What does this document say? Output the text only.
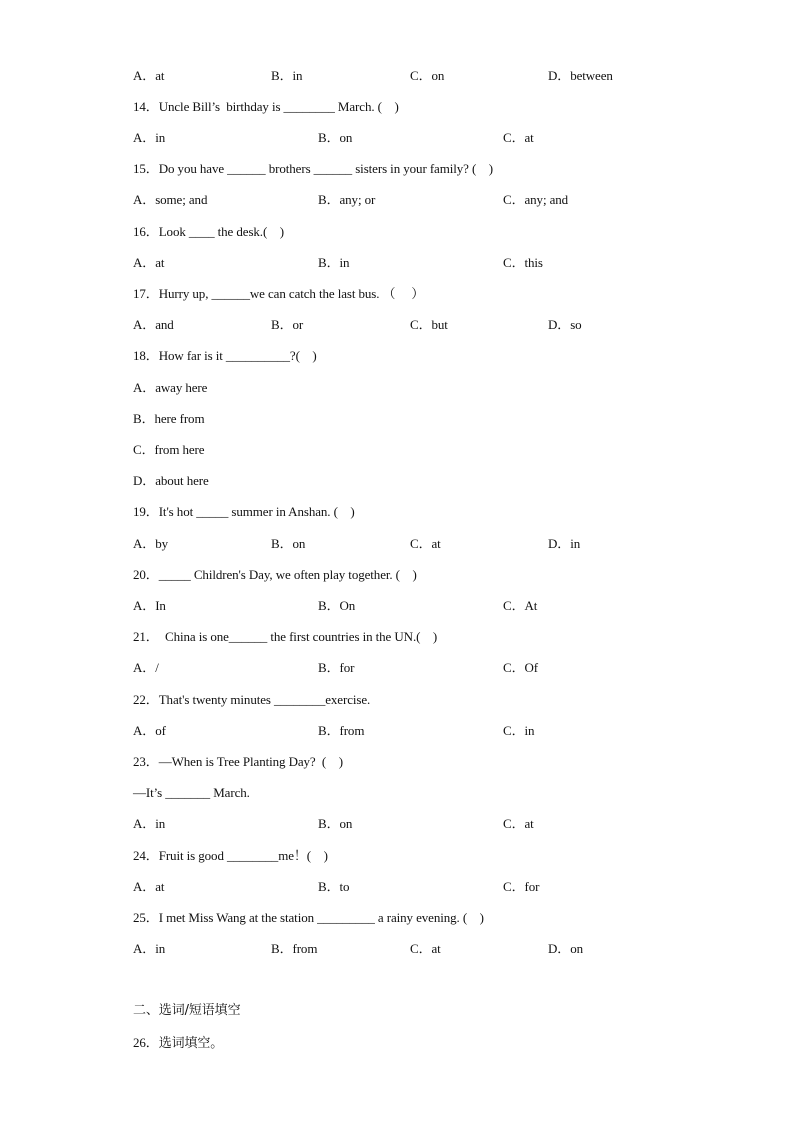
A．at	B．in	C．on	D．between
14．Uncle Bill’s  birthday is ________ March. (    )
A．in	B．on	C．at
15．Do you have ______ brothers ______ sisters in your family? (    )
A．some; and	B．any; or	C．any; and
16．Look ____ the desk.(    )
A．at	B．in	C．this
17．Hurry up, ______we can catch the last bus. （     ）
A．and	B．or	C．but	D．so
18．How far is it __________?(    )
A．away here
B．here from
C．from here
D．about here
19．It's hot _____ summer in Anshan. (    )
A．by	B．on	C．at	D．in
20．_____ Children's Day, we often play together. (    )
A．In	B．On	C．At
21．  China is one______ the first countries in the UN.(    )
A．/	B．for	C．Of
22．That's twenty minutes ________exercise.
A．of	B．from	C．in
23．—When is Tree Planting Day?  (    )
—It’s _______ March.
A．in	B．on	C．at
24．Fruit is good ________me！(    )
A．at	B．to	C．for
25．I met Miss Wang at the station _________ a rainy evening. (    )
A．in	B．from	C．at	D．on
二、选词/短语填空
26．选词填空。
